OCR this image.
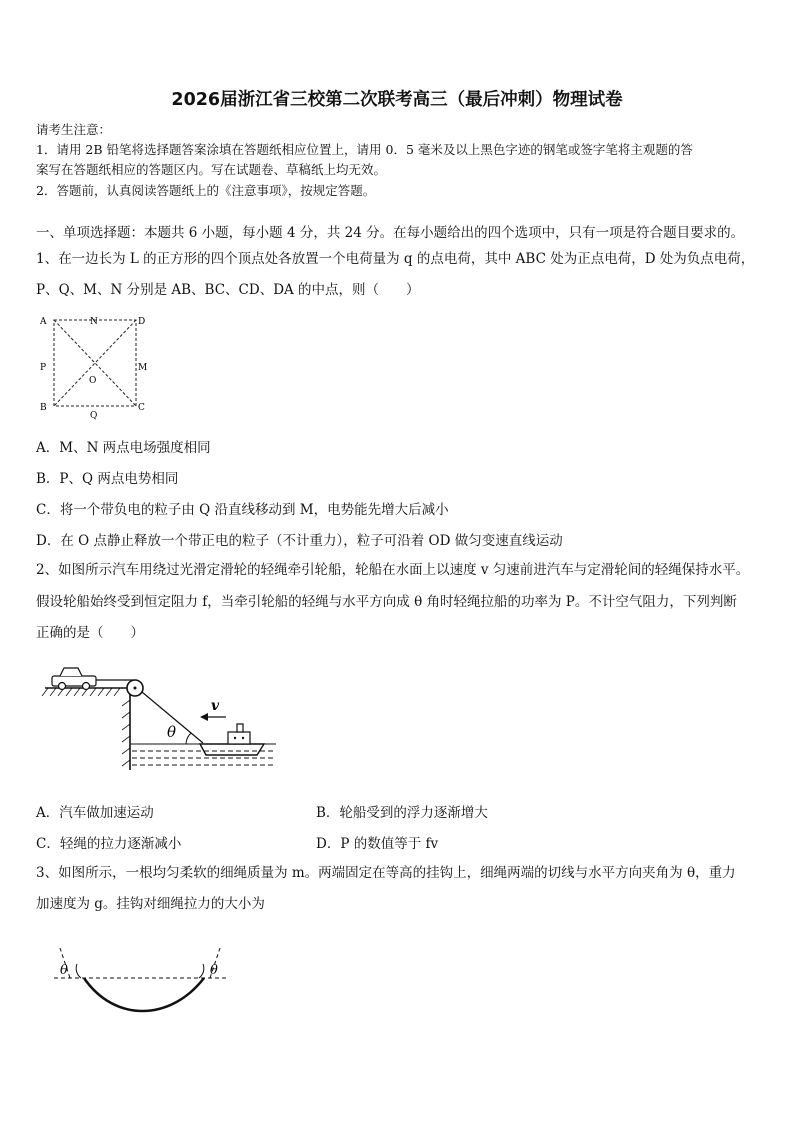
2026届浙江省三校第二次联考高三（最后冲刺）物理试卷
请考生注意：
1．请用 2B 铅笔将选择题答案涂填在答题纸相应位置上，请用 0．5 毫米及以上黑色字迹的钢笔或签字笔将主观题的答
案写在答题纸相应的答题区内。写在试题卷、草稿纸上均无效。
2．答题前，认真阅读答题纸上的《注意事项》，按规定答题。
一、单项选择题：本题共 6 小题，每小题 4 分，共 24 分。在每小题给出的四个选项中，只有一项是符合题目要求的。
1、在一边长为 L 的正方形的四个顶点处各放置一个电荷量为 q 的点电荷，其中 ABC 处为正点电荷，D 处为负点电荷，
P、Q、M、N 分别是 AB、BC、CD、DA 的中点，则（　　）
A	N	D
P
O
M
B
Q
C
A．M、N 两点电场强度相同
B．P、Q 两点电势相同
C．将一个带负电的粒子由 Q 沿直线移动到 M，电势能先增大后减小
D．在 O 点静止释放一个带正电的粒子（不计重力），粒子可沿着 OD 做匀变速直线运动
2、如图所示汽车用绕过光滑定滑轮的轻绳牵引轮船，轮船在水面上以速度 v 匀速前进汽车与定滑轮间的轻绳保持水平。
假设轮船始终受到恒定阻力 f，当牵引轮船的轻绳与水平方向成 θ 角时轻绳拉船的功率为 P。不计空气阻力，下列判断
正确的是（　　）
θ
v
A．汽车做加速运动	B．轮船受到的浮力逐渐增大
C．轻绳的拉力逐渐减小	D．P 的数值等于 fv
3、如图所示，一根均匀柔软的细绳质量为 m。两端固定在等高的挂钩上，细绳两端的切线与水平方向夹角为 θ，重力
加速度为 g。挂钩对细绳拉力的大小为
θ	θ
